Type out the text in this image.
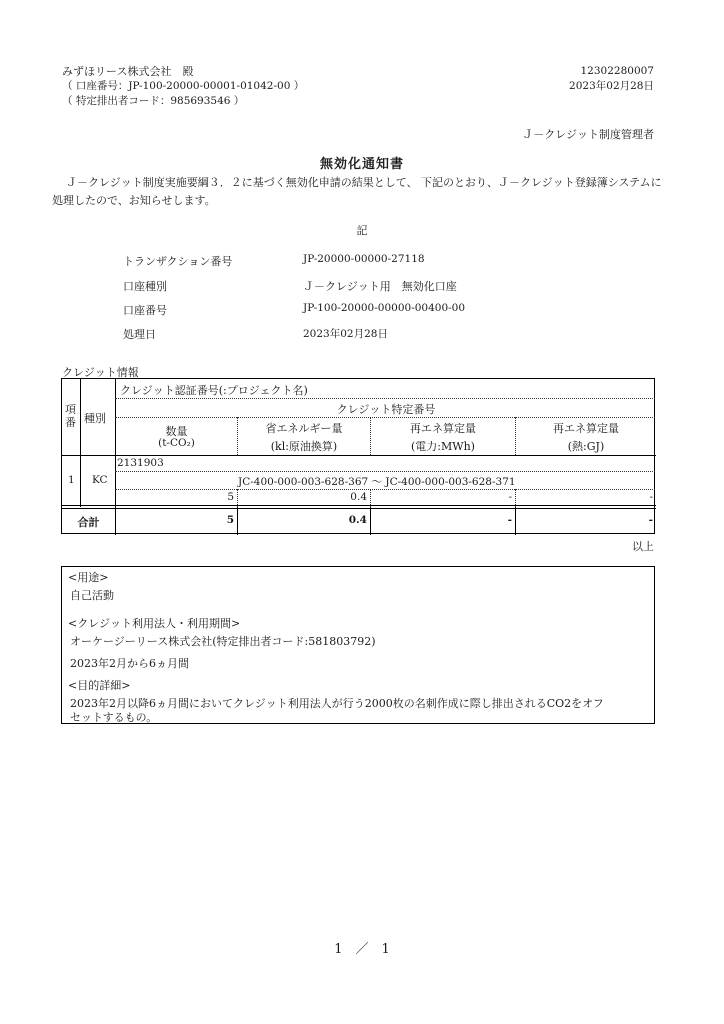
みずほリース株式会社　殿
（ 口座番号：JP-100-20000-00001-01042-00 ）
（ 特定排出者コード：985693546 ）
12302280007
2023年02月28日
Ｊ－クレジット制度管理者
無効化通知書
Ｊ－クレジット制度実施要綱３．２に基づく無効化申請の結果として、 下記のとおり、Ｊ－クレジット登録簿システムに処理したので、お知らせします。
記
トランザクション番号	JP-20000-00000-27118
口座種別	Ｊ－クレジット用　無効化口座
口座番号	JP-100-20000-00000-00400-00
処理日	2023年02月28日
クレジット情報
項番 種別
クレジット認証番号(:プロジェクト名)
クレジット特定番号
数量
(t-CO₂)
省エネルギー量
(kl:原油換算)
再エネ算定量
(電力:MWh)
再エネ算定量
(熱:GJ)
1 KC
2131903
JC-400-000-003-628-367 ～ JC-400-000-003-628-371
5	0.4	-	-
合計	5	0.4	-	-
以上
<用途>
自己活動
<クレジット利用法人・利用期間>
オーケージーリース株式会社(特定排出者コード:581803792)
2023年2月から6ヵ月間
<目的詳細>
2023年2月以降6ヵ月間においてクレジット利用法人が行う2000枚の名刺作成に際し排出されるCO2をオフ
セットするもの。
1　／　1
